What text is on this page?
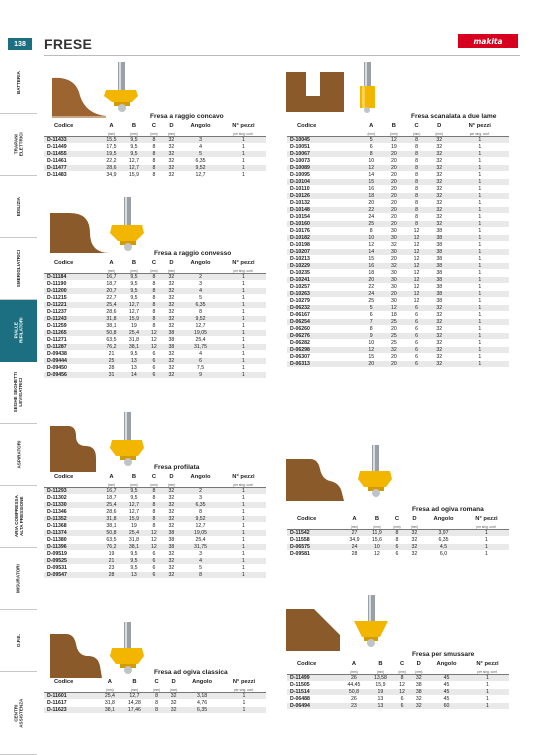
BATTERIA
TRAPANI ELETTRICI
EDILIZIA
SMERIGLIATRICI
PIALLE RIFILATORI
SEGHE SEGHETTI LEVIGATRICI
ASPIRATORI
ARIA COMPRESSA ALTA PRESSIONE
MISURATORI
O.P.E.
CENTRI ASSISTENZA
138	FRESE	makita
Fresa a raggio concavo
Codice	A	B	C	D	Angolo	N° pezzi
	(mm)	(mm)	(mm)	(mm)		per sing. conf.
D-11433	15,5	9,5	8	32	3	1
D-11449	17,5	9,5	8	32	4	1
D-11455	19,5	9,5	8	32	5	1
D-11461	22,2	12,7	8	32	6,35	1
D-11477	28,6	12,7	8	32	9,52	1
D-11483	34,9	15,9	8	32	12,7	1
Fresa a raggio convesso
Codice	A	B	C	D	Angolo	N° pezzi
	(mm)	(mm)	(mm)	(mm)		per sing. conf.
D-11184	16,7	9,5	8	32	2	1
D-11190	18,7	9,5	8	32	3	1
D-11200	20,7	9,5	8	32	4	1
D-11215	22,7	9,5	8	32	5	1
D-11221	25,4	12,7	8	32	6,35	1
D-11237	28,6	12,7	8	32	8	1
D-11243	31,8	15,9	8	32	9,52	1
D-11259	38,1	19	8	32	12,7	1
D-11265	50,8	25,4	12	38	19,05	1
D-11271	63,5	31,8	12	38	25,4	1
D-11287	76,2	38,1	12	38	31,75	1
D-09438	21	9,5	6	32	4	1
D-09444	25	13	6	32	6	1
D-09450	28	13	6	32	7,5	1
D-09456	31	14	6	32	9	1
Fresa profilata
Codice	A	B	C	D	Angolo	N° pezzi
	(mm)	(mm)	(mm)	(mm)		per sing. conf.
D-11293	16,7	9,5	8	32	2	1
D-11302	18,7	9,5	8	32	3	1
D-11330	25,4	12,7	8	32	6,35	1
D-11346	28,6	12,7	8	32	8	1
D-11352	31,8	15,9	8	32	9,52	1
D-11368	38,1	19	8	32	12,7	1
D-11374	50,8	25,4	12	38	19,05	1
D-11380	63,5	31,8	12	38	25,4	1
D-11396	76,2	38,1	12	38	31,75	1
D-09519	19	9,5	6	32	3	1
D-09525	21	9,5	6	32	4	1
D-09531	23	9,5	6	32	5	1
D-09547	28	13	6	32	8	1
Fresa ad ogiva classica
Codice	A	B	C	D	Angolo	N° pezzi
	(mm)	(mm)	(mm)	(mm)		per sing. conf.
D-11601	25,4	12,7	8	32	3,18	1
D-11617	31,8	14,28	8	32	4,76	1
D-11623	38,1	17,46	8	32	6,35	1
Fresa scanalata a due lame
Codice	A	B	C	D	N° pezzi
	(mm)	(mm)	(mm)	(mm)	per sing. conf.
D-10045	5	12	8	32	1
D-10051	6	19	8	32	1
D-10067	8	20	8	32	1
D-10073	10	20	8	32	1
D-10089	12	20	8	32	1
D-10095	14	20	8	32	1
D-10104	15	20	8	32	1
D-10110	16	20	8	32	1
D-10126	18	20	8	32	1
D-10132	20	20	8	32	1
D-10148	22	20	8	32	1
D-10154	24	20	8	32	1
D-10160	25	20	8	32	1
D-10176	8	30	12	38	1
D-10182	10	30	12	38	1
D-10198	12	32	12	38	1
D-10207	14	30	12	38	1
D-10213	15	20	12	38	1
D-10229	16	32	12	38	1
D-10235	18	30	12	38	1
D-10241	20	30	12	38	1
D-10257	22	30	12	38	1
D-10263	24	20	12	38	1
D-10279	25	30	12	38	1
D-06232	5	12	6	32	1
D-06167	6	18	6	32	1
D-06254	7	25	6	32	1
D-06260	8	20	6	32	1
D-06276	9	25	6	32	1
D-06282	10	25	6	32	1
D-06298	12	32	6	32	1
D-06307	15	20	6	32	1
D-06313	20	20	6	32	1
Fresa ad ogiva romana
Codice	A	B	C	D	Angolo	N° pezzi
	(mm)	(mm)	(mm)	(mm)		per sing. conf.
D-11542	27	11,9	8	32	3,97	1
D-11558	34,9	15,6	8	32	6,35	1
D-06575	24	10	6	32	4,5	1
D-09581	28	12	6	32	6,0	1
Fresa per smussare
Codice	A	B	C	D	Angolo	N° pezzi
	(mm)	(mm)	(mm)	(mm)		per sing. conf.
D-11499	26	13,58	8	32	45	1
D-11505	44,45	15,9	12	38	45	1
D-11514	50,8	19	12	38	45	1
D-06488	26	13	6	32	45	1
D-06494	23	13	6	32	60	1
